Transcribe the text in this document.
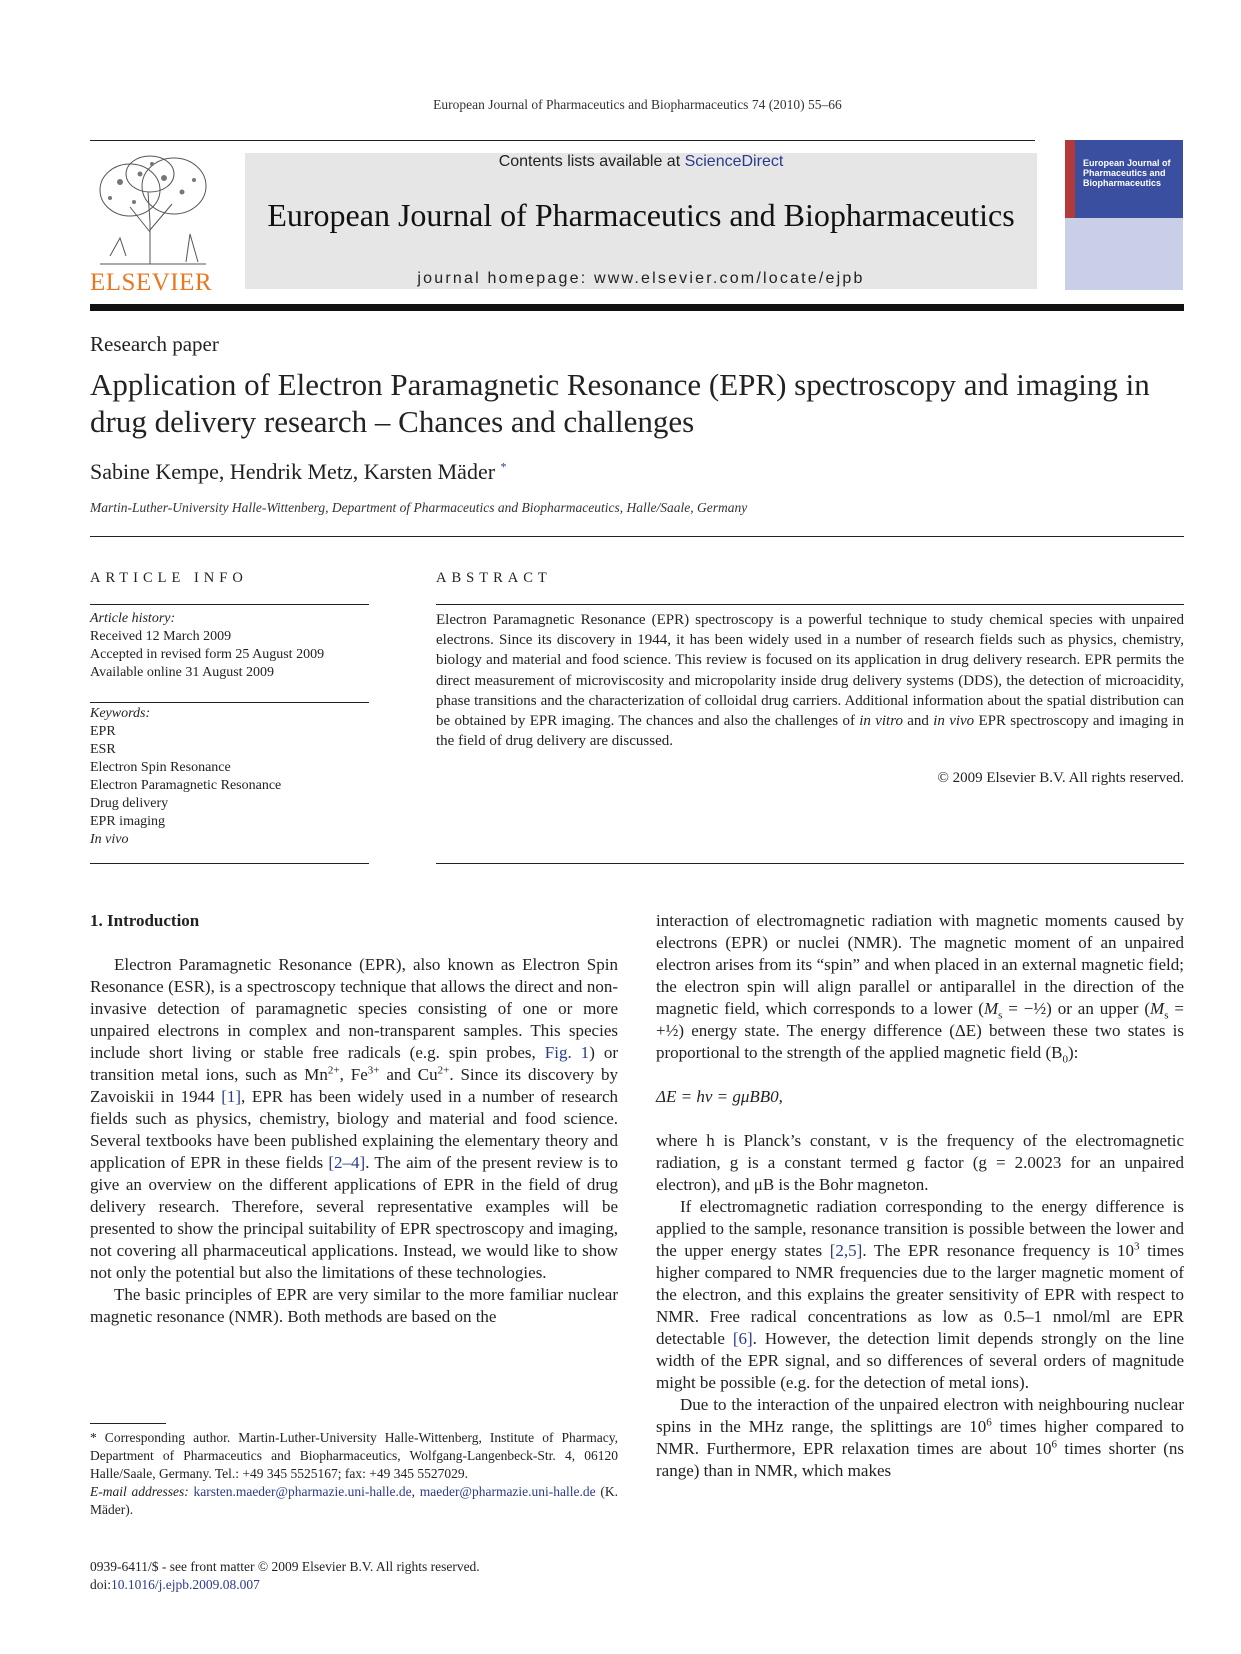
European Journal of Pharmaceutics and Biopharmaceutics 74 (2010) 55–66
ELSEVIER
Contents lists available at ScienceDirect
European Journal of Pharmaceutics and Biopharmaceutics
journal homepage: www.elsevier.com/locate/ejpb
European Journal of Pharmaceutics and Biopharmaceutics
Research paper
Application of Electron Paramagnetic Resonance (EPR) spectroscopy and imaging in drug delivery research – Chances and challenges
Sabine Kempe, Hendrik Metz, Karsten Mäder *
Martin-Luther-University Halle-Wittenberg, Department of Pharmaceutics and Biopharmaceutics, Halle/Saale, Germany
ARTICLE INFO	ABSTRACT
Article history:
Received 12 March 2009
Accepted in revised form 25 August 2009
Available online 31 August 2009
Keywords:
EPR
ESR
Electron Spin Resonance
Electron Paramagnetic Resonance
Drug delivery
EPR imaging
In vivo
Electron Paramagnetic Resonance (EPR) spectroscopy is a powerful technique to study chemical species with unpaired electrons. Since its discovery in 1944, it has been widely used in a number of research fields such as physics, chemistry, biology and material and food science. This review is focused on its application in drug delivery research. EPR permits the direct measurement of microviscosity and micropolarity inside drug delivery systems (DDS), the detection of microacidity, phase transitions and the characterization of colloidal drug carriers. Additional information about the spatial distribution can be obtained by EPR imaging. The chances and also the challenges of in vitro and in vivo EPR spectroscopy and imaging in the field of drug delivery are discussed.
© 2009 Elsevier B.V. All rights reserved.
1. Introduction

Electron Paramagnetic Resonance (EPR), also known as Electron Spin Resonance (ESR), is a spectroscopy technique that allows the direct and non-invasive detection of paramagnetic species consisting of one or more unpaired electrons in complex and non-transparent samples. This species include short living or stable free radicals (e.g. spin probes, Fig. 1) or transition metal ions, such as $Mn^{2+}$, $Fe^{3+}$ and $Cu^{2+}$. Since its discovery by Zavoiskii in 1944 [1], EPR has been widely used in a number of research fields such as physics, chemistry, biology and material and food science. Several textbooks have been published explaining the elementary theory and application of EPR in these fields [2–4]. The aim of the present review is to give an overview on the different applications of EPR in the field of drug delivery research. Therefore, several representative examples will be presented to show the principal suitability of EPR spectroscopy and imaging, not covering all pharmaceutical applications. Instead, we would like to show not only the potential but also the limitations of these technologies.

The basic principles of EPR are very similar to the more familiar nuclear magnetic resonance (NMR). Both methods are based on the

interaction of electromagnetic radiation with magnetic moments caused by electrons (EPR) or nuclei (NMR). The magnetic moment of an unpaired electron arises from its “spin” and when placed in an external magnetic field; the electron spin will align parallel or antiparallel in the direction of the magnetic field, which corresponds to a lower ($M_s$ = −½) or an upper ($M_s$ = +½) energy state. The energy difference (ΔE) between these two states is proportional to the strength of the applied magnetic field $(B_0)$:

ΔE = hv = gμBB0,

where h is Planck’s constant, v is the frequency of the electromagnetic radiation, g is a constant termed g factor (g = 2.0023 for an unpaired electron), and μB is the Bohr magneton.

If electromagnetic radiation corresponding to the energy difference is applied to the sample, resonance transition is possible between the lower and the upper energy states [2,5]. The EPR resonance frequency is $10^3$ times higher compared to NMR frequencies due to the larger magnetic moment of the electron, and this explains the greater sensitivity of EPR with respect to NMR. Free radical concentrations as low as 0.5–1 nmol/ml are EPR detectable [6]. However, the detection limit depends strongly on the line width of the EPR signal, and so differences of several orders of magnitude might be possible (e.g. for the detection of metal ions).

Due to the interaction of the unpaired electron with neighbouring nuclear spins in the MHz range, the splittings are $10^6$ times higher compared to NMR. Furthermore, EPR relaxation times are about $10^6$ times shorter (ns range) than in NMR, which makes

* Corresponding author. Martin-Luther-University Halle-Wittenberg, Institute of Pharmacy, Department of Pharmaceutics and Biopharmaceutics, Wolfgang-Langenbeck-Str. 4, 06120 Halle/Saale, Germany. Tel.: +49 345 5525167; fax: +49 345 5527029.

E-mail addresses: karsten.maeder@pharmazie.uni-halle.de, maeder@pharmazie.uni-halle.de (K. Mäder).

0939-6411/$ - see front matter © 2009 Elsevier B.V. All rights reserved.
doi:10.1016/j.ejpb.2009.08.007
